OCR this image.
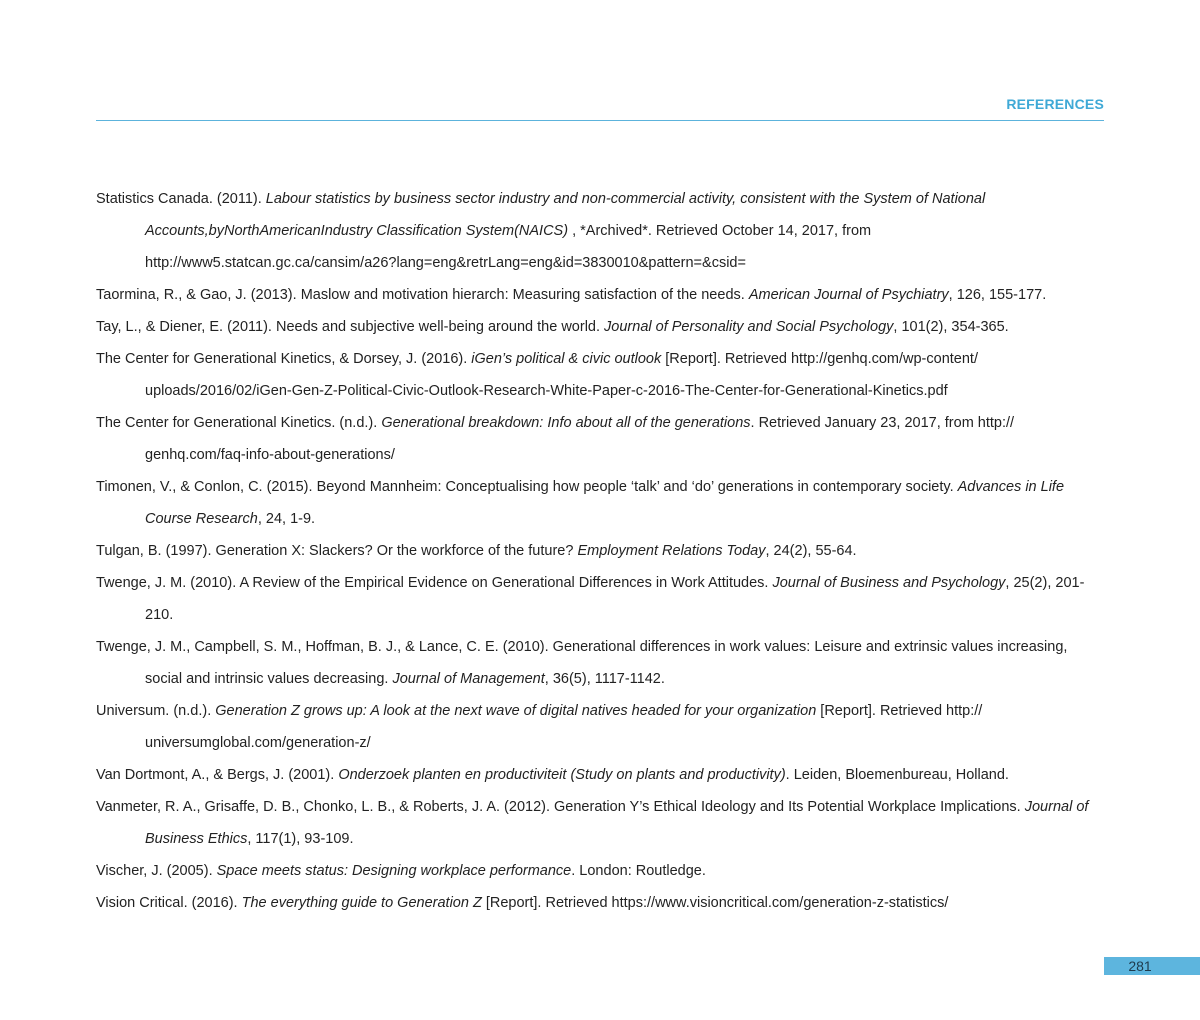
REFERENCES

Statistics Canada. (2011). Labour statistics by business sector industry and non-commercial activity, consistent with the System of National Accounts,byNorthAmericanIndustry Classification System(NAICS) , *Archived*. Retrieved October 14, 2017, from http://www5.statcan.gc.ca/cansim/a26?lang=eng&retrLang=eng&id=3830010&pattern=&csid=

Taormina, R., & Gao, J. (2013). Maslow and motivation hierarch: Measuring satisfaction of the needs. American Journal of Psychiatry, 126, 155-177.

Tay, L., & Diener, E. (2011). Needs and subjective well-being around the world. Journal of Personality and Social Psychology, 101(2), 354-365.

The Center for Generational Kinetics, & Dorsey, J. (2016). iGen’s political & civic outlook [Report]. Retrieved http://genhq.com/wp-content/ uploads/2016/02/iGen-Gen-Z-Political-Civic-Outlook-Research-White-Paper-c-2016-The-Center-for-Generational-Kinetics.pdf

The Center for Generational Kinetics. (n.d.). Generational breakdown: Info about all of the generations. Retrieved January 23, 2017, from http:// genhq.com/faq-info-about-generations/

Timonen, V., & Conlon, C. (2015). Beyond Mannheim: Conceptualising how people ‘talk’ and ‘do’ generations in contemporary society. Advances in Life Course Research, 24, 1-9.

Tulgan, B. (1997). Generation X: Slackers? Or the workforce of the future? Employment Relations Today, 24(2), 55-64.

Twenge, J. M. (2010). A Review of the Empirical Evidence on Generational Differences in Work Attitudes. Journal of Business and Psychology, 25(2), 201-210.

Twenge, J. M., Campbell, S. M., Hoffman, B. J., & Lance, C. E. (2010). Generational differences in work values: Leisure and extrinsic values increasing, social and intrinsic values decreasing. Journal of Management, 36(5), 1117-1142.

Universum. (n.d.). Generation Z grows up: A look at the next wave of digital natives headed for your organization [Report]. Retrieved http:// universumglobal.com/generation-z/

Van Dortmont, A., & Bergs, J. (2001). Onderzoek planten en productiviteit (Study on plants and productivity). Leiden, Bloemenbureau, Holland.

Vanmeter, R. A., Grisaffe, D. B., Chonko, L. B., & Roberts, J. A. (2012). Generation Y’s Ethical Ideology and Its Potential Workplace Implications. Journal of Business Ethics, 117(1), 93-109.

Vischer, J. (2005). Space meets status: Designing workplace performance. London: Routledge.

Vision Critical. (2016). The everything guide to Generation Z [Report]. Retrieved https://www.visioncritical.com/generation-z-statistics/

281
